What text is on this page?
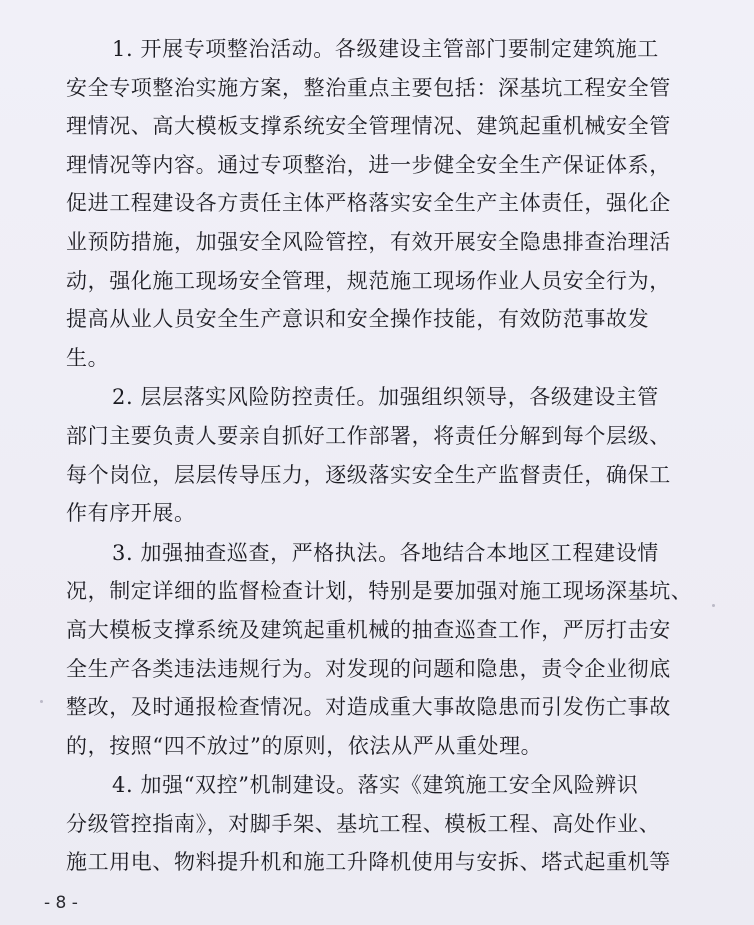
1. 开展专项整治活动。各级建设主管部门要制定建筑施工

安全专项整治实施方案，整治重点主要包括：深基坑工程安全管

理情况、高大模板支撑系统安全管理情况、建筑起重机械安全管

理情况等内容。通过专项整治，进一步健全安全生产保证体系，

促进工程建设各方责任主体严格落实安全生产主体责任，强化企

业预防措施，加强安全风险管控，有效开展安全隐患排查治理活

动，强化施工现场安全管理，规范施工现场作业人员安全行为，

提高从业人员安全生产意识和安全操作技能，有效防范事故发

生。

2. 层层落实风险防控责任。加强组织领导，各级建设主管

部门主要负责人要亲自抓好工作部署，将责任分解到每个层级、

每个岗位，层层传导压力，逐级落实安全生产监督责任，确保工

作有序开展。

3. 加强抽查巡查，严格执法。各地结合本地区工程建设情

况，制定详细的监督检查计划，特别是要加强对施工现场深基坑、

高大模板支撑系统及建筑起重机械的抽查巡查工作，严厉打击安

全生产各类违法违规行为。对发现的问题和隐患，责令企业彻底

整改，及时通报检查情况。对造成重大事故隐患而引发伤亡事故

的，按照“四不放过”的原则，依法从严从重处理。

4. 加强“双控”机制建设。落实《建筑施工安全风险辨识

分级管控指南》，对脚手架、基坑工程、模板工程、高处作业、

施工用电、物料提升机和施工升降机使用与安拆、塔式起重机等

- 8 -
